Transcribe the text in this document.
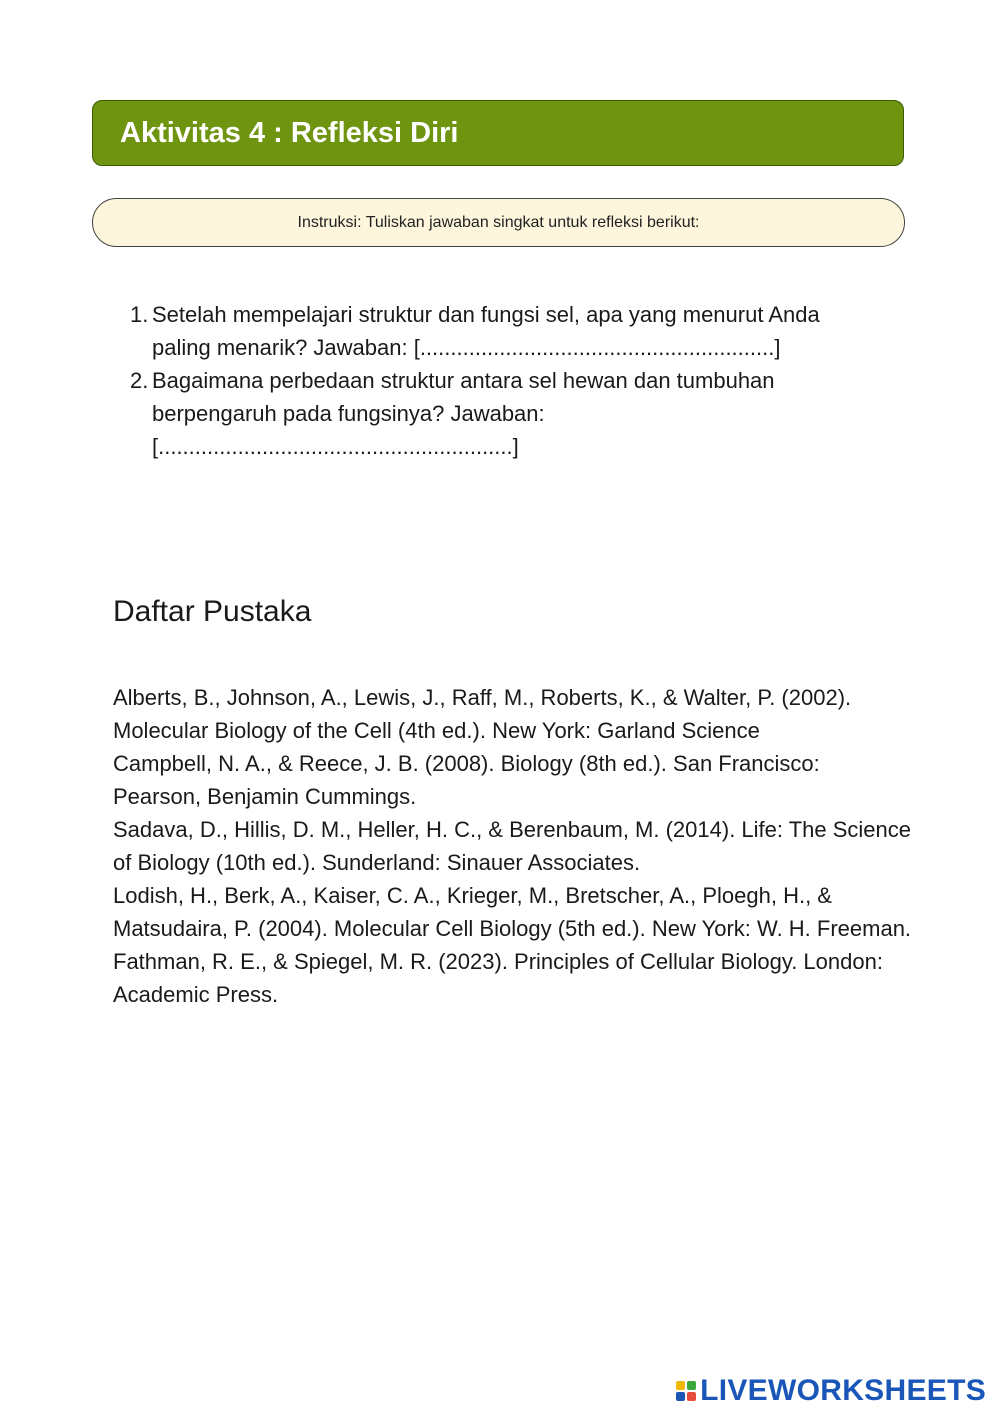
Aktivitas 4 : Refleksi Diri
Instruksi: Tuliskan jawaban singkat untuk refleksi berikut:
1. Setelah mempelajari struktur dan fungsi sel, apa yang menurut Anda paling menarik? Jawaban: [..........................................................]
2. Bagaimana perbedaan struktur antara sel hewan dan tumbuhan berpengaruh pada fungsinya? Jawaban: [..........................................................]
Daftar Pustaka

Alberts, B., Johnson, A., Lewis, J., Raff, M., Roberts, K., & Walter, P. (2002). Molecular Biology of the Cell (4th ed.). New York: Garland Science

Campbell, N. A., & Reece, J. B. (2008). Biology (8th ed.). San Francisco: Pearson, Benjamin Cummings.

Sadava, D., Hillis, D. M., Heller, H. C., & Berenbaum, M. (2014). Life: The Science of Biology (10th ed.). Sunderland: Sinauer Associates.

Lodish, H., Berk, A., Kaiser, C. A., Krieger, M., Bretscher, A., Ploegh, H., & Matsudaira, P. (2004). Molecular Cell Biology (5th ed.). New York: W. H. Freeman.

Fathman, R. E., & Spiegel, M. R. (2023). Principles of Cellular Biology. London: Academic Press.

LIVEWORKSHEETS
